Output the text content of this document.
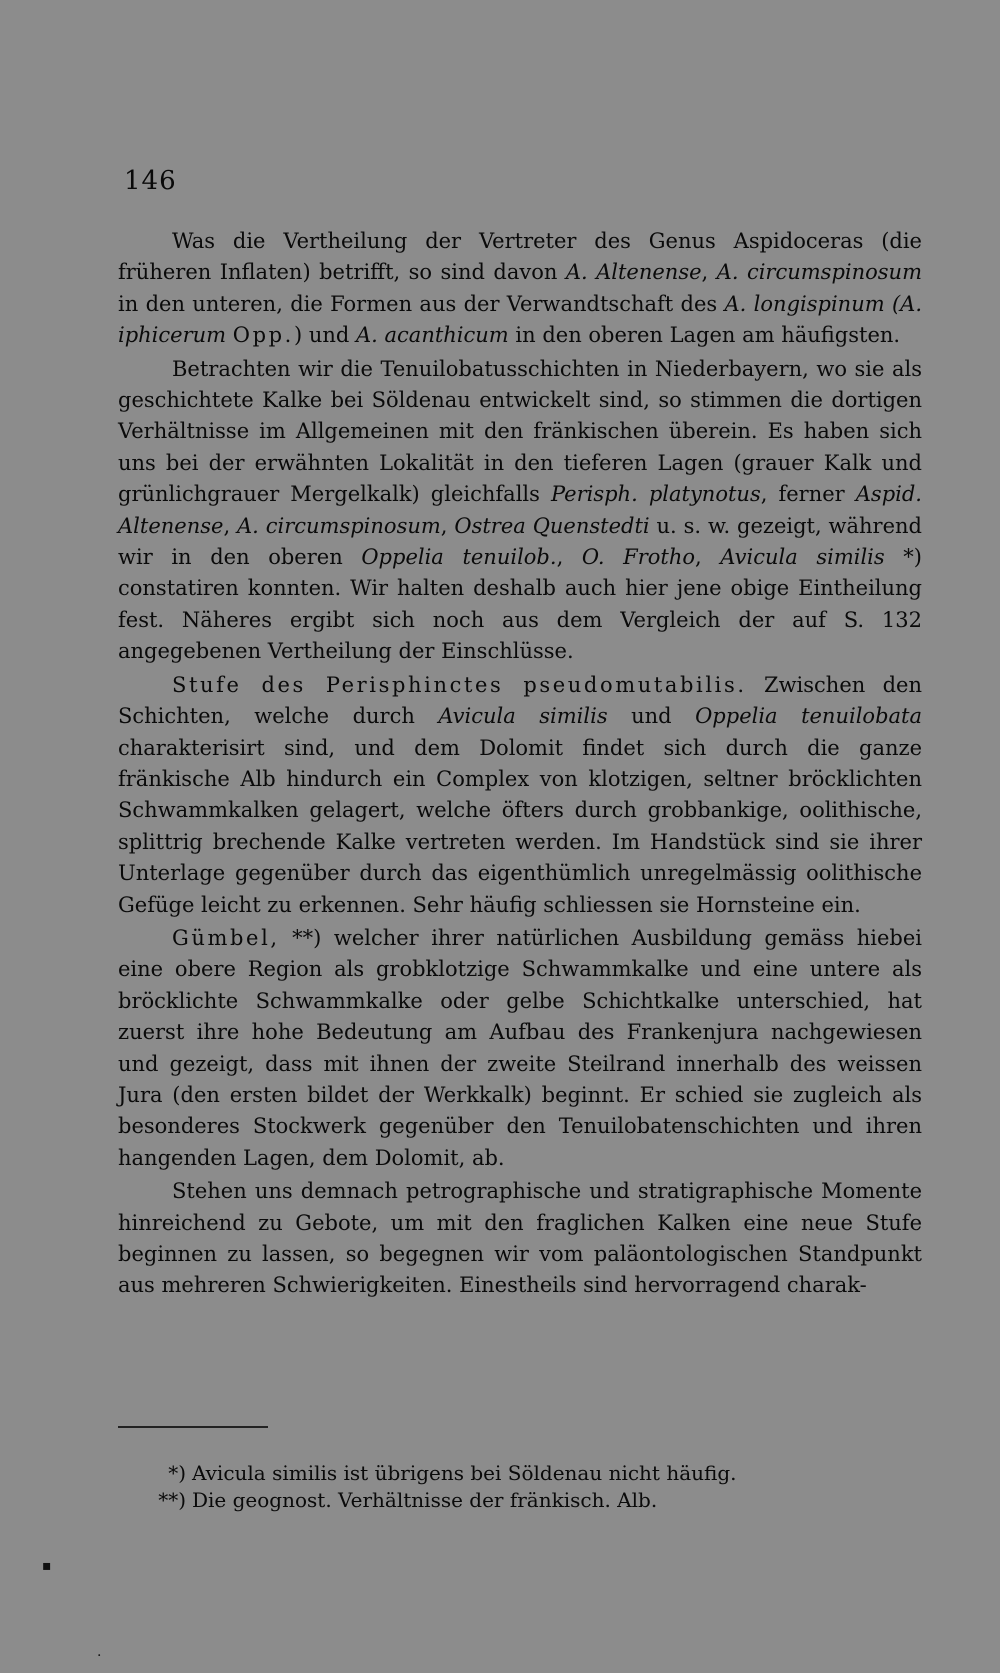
146

Was die Vertheilung der Vertreter des Genus Aspidoceras (die früheren Inflaten) betrifft, so sind davon A. Altenense, A. circumspinosum in den unteren, die Formen aus der Verwandtschaft des A. longispinum (A. iphicerum Opp.) und A. acanthicum in den oberen Lagen am häufigsten.

Betrachten wir die Tenuilobatusschichten in Niederbayern, wo sie als geschichtete Kalke bei Söldenau entwickelt sind, so stimmen die dortigen Verhältnisse im Allgemeinen mit den fränkischen überein. Es haben sich uns bei der erwähnten Lokalität in den tieferen Lagen (grauer Kalk und grünlichgrauer Mergelkalk) gleichfalls Perisph. platynotus, ferner Aspid. Altenense, A. circumspinosum, Ostrea Quenstedti u. s. w. gezeigt, während wir in den oberen Oppelia tenuilob., O. Frotho, Avicula similis *) constatiren konnten. Wir halten deshalb auch hier jene obige Eintheilung fest. Näheres ergibt sich noch aus dem Vergleich der auf S. 132 angegebenen Vertheilung der Einschlüsse.

Stufe des Perisphinctes pseudomutabilis. Zwischen den Schichten, welche durch Avicula similis und Oppelia tenuilobata charakterisirt sind, und dem Dolomit findet sich durch die ganze fränkische Alb hindurch ein Complex von klotzigen, seltner bröcklichten Schwammkalken gelagert, welche öfters durch grobbankige, oolithische, splittrig brechende Kalke vertreten werden. Im Handstück sind sie ihrer Unterlage gegenüber durch das eigenthümlich unregelmässig oolithische Gefüge leicht zu erkennen. Sehr häufig schliessen sie Hornsteine ein.

Gümbel, **) welcher ihrer natürlichen Ausbildung gemäss hiebei eine obere Region als grobklotzige Schwammkalke und eine untere als bröcklichte Schwammkalke oder gelbe Schichtkalke unterschied, hat zuerst ihre hohe Bedeutung am Aufbau des Frankenjura nachgewiesen und gezeigt, dass mit ihnen der zweite Steilrand innerhalb des weissen Jura (den ersten bildet der Werkkalk) beginnt. Er schied sie zugleich als besonderes Stockwerk gegenüber den Tenuilobatenschichten und ihren hangenden Lagen, dem Dolomit, ab.

Stehen uns demnach petrographische und stratigraphische Momente hinreichend zu Gebote, um mit den fraglichen Kalken eine neue Stufe beginnen zu lassen, so begegnen wir vom paläontologischen Standpunkt aus mehreren Schwierigkeiten. Einestheils sind hervorragend charak-

*) Avicula similis ist übrigens bei Söldenau nicht häufig.

**) Die geognost. Verhältnisse der fränkisch. Alb.

▪
·
